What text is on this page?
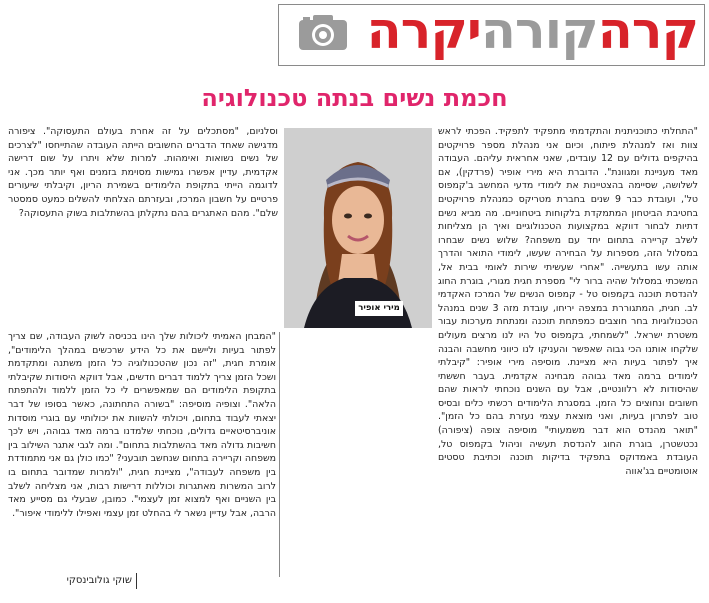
קרהקורהיקרה
חכמת נשים בנתה טכנולוגיה

"התחלתי כתוכניתנית והתקדמתי מתפקיד לתפקיד. הפכתי לראש צוות ואז למנהלת פיתוח, וכיום אני מנהלת מספר פרויקטים בהיקפים גדולים עם 12 עובדים, שאני אחראית עליהם. העבודה מאד מעניינת ומגוונת". הדוברת היא מירי אופיר (פרדקין), אם לשלושה, שסיימה בהצטיינות את לימודי מדעי המחשב ב'קמפוס טל', ועובדת כבר 9 שנים בחברת מטריקס כמנהלת פרויקטים בחטיבת הביטחון המתמקדת בלקוחות ביטחוניים. מה מביא נשים דתיות לבחור דווקא במקצועות הטכנולוגיים ואיך הן מצליחות לשלב קריירה בתחום יחד עם משפחה? שלוש נשים שבחרו במסלול הזה, מספרות על הבחירה שעשו, לימודי התואר והדרך אותה עשו בתעשייה. "אחרי שעשיתי שירות לאומי בבית אל, המשכתי במסלול שהיה ברור לי" מספרת חגית מגורי, בוגרת החוג להנדסת תוכנה בקמפוס טל - קמפוס הנשים של המרכז האקדמי לב. חגית, המתגוררת במצפה יריחו, עובדת מזה 3 שנים במנהל הטכנולוגיות בחר חוצבים כמפתחת תוכנה ומנתחת מערכות עבור משטרת ישראל. "לשמחתי, בקמפוס טל היו לנו מרצים מעולים שלקחו אותנו הכי גבוה שאפשר והעניקו לנו כיווני מחשבה והבנה איך לפתור בעיות היא מציינת. מוסיפה מירי אופיר: "קיבלתי לימודים ברמה מאד גבוהה מבחינה אקדמית. בעבר חששתי שהיסודות לא רלוונטיים, אבל עם השנים נוכחתי לראות שהם חשובים ונחוצים כל הזמן. במסגרת הלימודים רכשתי כלים ובסיס טוב לפתרון בעיות, ואני מוצאת עצמי נעזרת בהם כל הזמן". "תואר מהנדס הוא דבר משמעותי" מוסיפה צופה (ציפורה) נכטשטרן, בוגרת החוג להנדסת תעשיה וניהול בקמפוס טל, העובדת באמדוקס בתפקיד בדיקות תוכנה וכתיבת טסטים אוטומטיים בג'אווה

מירי אופיר

וסלניום, "מסתכלים על זה אחרת בעולם התעסוקה". ציפורה מדגישה שאחד הדברים החשובים הייתה העובדה שהתייחסו "לצרכים של נשים נשואות ואימהות. למרות שלא ויתרו על שום דרישה אקדמית, עדיין אפשרו גמישות מסוימת בזמנים ואף יותר מכך. אני לדוגמה הייתי בתקופת הלימודים בשמירת הריון, וקיבלתי שיעורים פרטיים על חשבון המרכז, ובעזרתם הצלחתי להשלים כמעט סמסטר שלם". מהם האתגרים בהם נתקלתן בהשתלבות בשוק התעסוקה?

"המבחן האמיתי ליכולות שלך הינו בכניסה לשוק העבודה, שם צריך לפתור בעיות וליישם את כל הידע שרכשים במהלך הלימודים", אומרת חגית, "זה נכון שהטכנולוגיה כל הזמן משתנה ומתקדמת ושכל הזמן צריך ללמוד דברים חדשים, אבל דווקא היסודות שקיבלתי בתקופת הלימודים הם שמאפשרים לי כל הזמן ללמוד ולהתפתח הלאה". וצופיה מוסיפה: "בשורה התחתונה, כאשר בסופו של דבר יצאתי לעבוד בתחום, ויכולתי להשוות את יכולותיי עם בוגרי מוסדות אוניברסיטאיים גדולים, נוכחתי שלמדנו ברמה מאד גבוהה, ויש לכך חשיבות גדולה מאד בהשתלבות בתחום". ומה לגבי אתגר השילוב בין משפחה וקריירה בתחום שנחשב תובעני? "כמו כולן גם אני מתמודדת בין משפחה לעבודה", מציינת חגית, "ולמרות שמדובר בתחום בו לרוב המשרות מאתגרות וכוללות דרישות רבות, אני מצליחה לשלב בין השניים ואף למצוא זמן לעצמי". כמובן, שבעלי גם מסייע מאד הרבה, אבל עדיין נשאר לי בהחלט זמן עצמי ואפילו ללימודי איפור".

שוקי גולובינסקי
